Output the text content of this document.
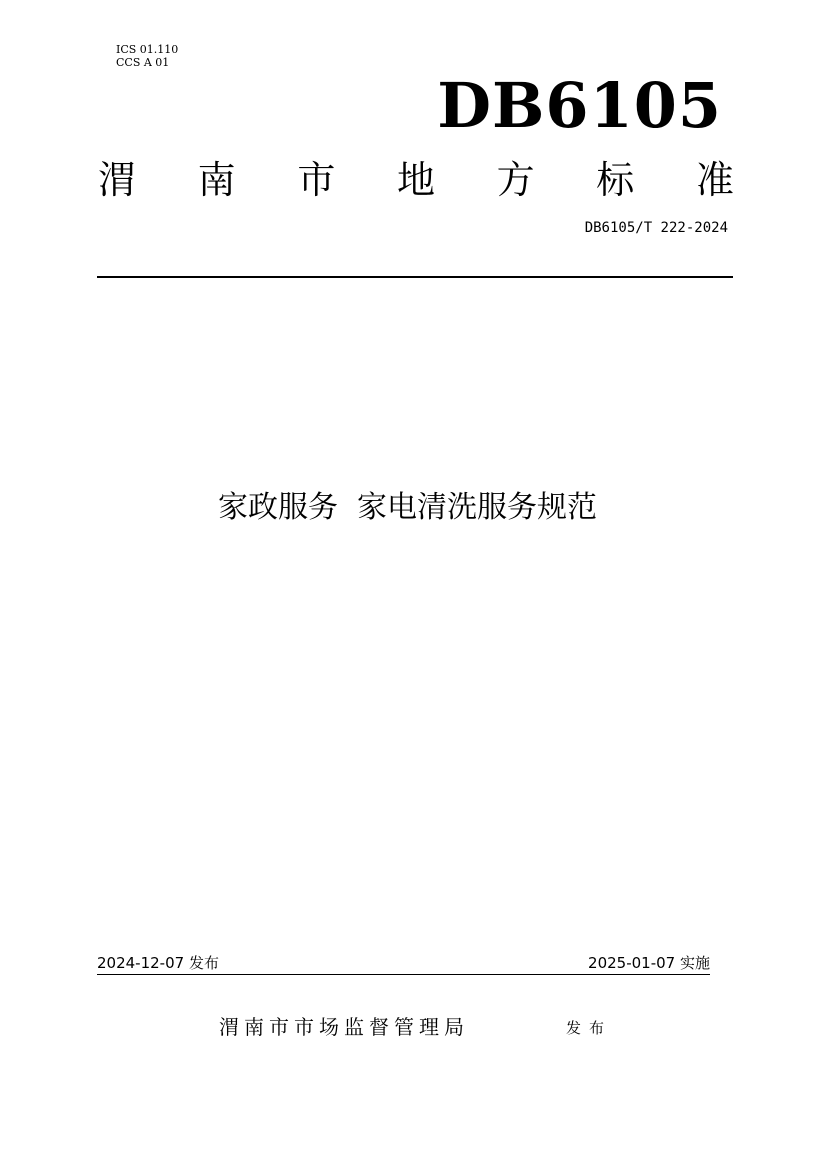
ICS 01.110
CCS A 01
DB6105
渭 南 市 地 方 标 准
DB6105/T 222-2024
家政服务  家电清洗服务规范
2024-12-07 发布	2025-01-07 实施
渭南市市场监督管理局	发布
